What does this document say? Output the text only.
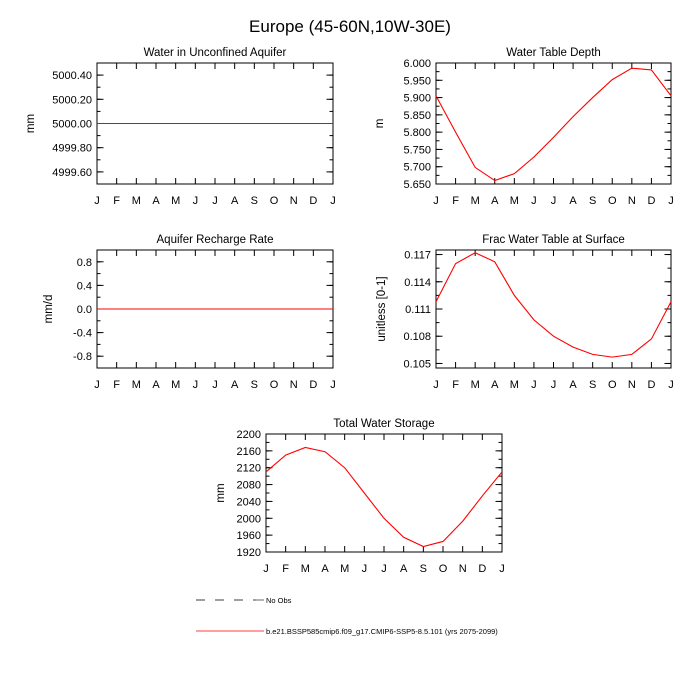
Europe (45-60N,10W-30E)
Water in Unconfined Aquifer
J F M A M J J A S O N D J
4999.60
4999.80
5000.00
5000.20
5000.40
mm
Water Table Depth
J F M A M J J A S O N D J
5.650
5.700
5.750
5.800
5.850
5.900
5.950
6.000
m
Aquifer Recharge Rate
J F M A M J J A S O N D J
-0.8
-0.4
0.0
0.4
0.8
mm/d
Frac Water Table at Surface
J F M A M J J A S O N D J
0.105
0.108
0.111
0.114
0.117
unitless [0-1]
Total Water Storage
J F M A M J J A S O N D J
1920
1960
2000
2040
2080
2120
2160
2200
mm
No Obs
b.e21.BSSP585cmip6.f09_g17.CMIP6-SSP5-8.5.101 (yrs 2075-2099)
